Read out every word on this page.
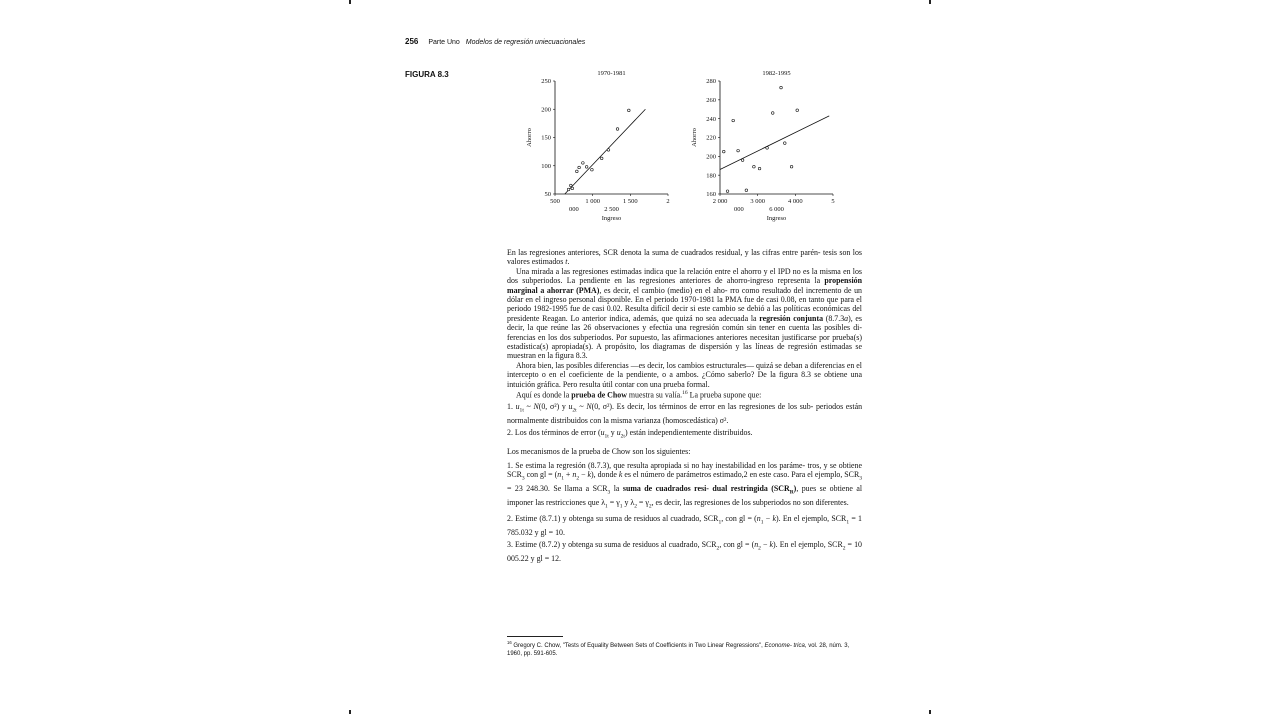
256 Parte Uno Modelos de regresión uniecuacionales
FIGURA 8.3	1970-1981
50
100
150
200
250
500	1 000	1 500	2
000	2 500
Ingreso
Ahorro
1982-1995
160
180
200
220
240
260
280
2 000	3 000	4 000	5
000	6 000
Ingreso
Ahorro

En las regresiones anteriores, SCR denota la suma de cuadrados residual, y las cifras entre parén- tesis son los valores estimados t.

Una mirada a las regresiones estimadas indica que la relación entre el ahorro y el IPD no es la misma en los dos subperiodos. La pendiente en las regresiones anteriores de ahorro-ingreso representa la propensión marginal a ahorrar (PMA), es decir, el cambio (medio) en el aho- rro como resultado del incremento de un dólar en el ingreso personal disponible. En el periodo 1970-1981 la PMA fue de casi 0.08, en tanto que para el periodo 1982-1995 fue de casi 0.02. Resulta difícil decir si este cambio se debió a las políticas económicas del presidente Reagan. Lo anterior indica, además, que quizá no sea adecuada la regresión conjunta (8.7.3a), es decir, la que reúne las 26 observaciones y efectúa una regresión común sin tener en cuenta las posibles di- ferencias en los dos subperiodos. Por supuesto, las afirmaciones anteriores necesitan justificarse por prueba(s) estadística(s) apropiada(s). A propósito, los diagramas de dispersión y las líneas de regresión estimadas se muestran en la figura 8.3.

Ahora bien, las posibles diferencias —es decir, los cambios estructurales— quizá se deban a diferencias en el intercepto o en el coeficiente de la pendiente, o a ambos. ¿Cómo saberlo? De la figura 8.3 se obtiene una intuición gráfica. Pero resulta útil contar con una prueba formal.

Aquí es donde la prueba de Chow muestra su valía.$^{16}$ La prueba supone que:

1. $u_{1t}$ ~ N(0, σ²) y $u_{2t}$ ~ N(0, σ²). Es decir, los términos de error en las regresiones de los sub- periodos están normalmente distribuidos con la misma varianza (homoscedástica) σ².

2. Los dos términos de error ($u_{1t}$ y $u_{2t}$) están independientemente distribuidos.

Los mecanismos de la prueba de Chow son los siguientes:

1. Se estima la regresión (8.7.3), que resulta apropiada si no hay inestabilidad en los paráme- tros, y se obtiene $SCR_3$ con gl = $(n_1 + n_2 - k)$, donde k es el número de parámetros estimado,2 en este caso. Para el ejemplo, $SCR_3 = 23$ 248.30. Se llama a $SCR_3$ la suma de cuadrados resi- dual restringida $(SCR_R)$, pues se obtiene al imponer las restricciones que $\lambda_1 = \gamma_1$ y $\lambda_2 = \gamma_2$, es decir, las regresiones de los subperiodos no son diferentes.

2. Estime (8.7.1) y obtenga su suma de residuos al cuadrado, $SCR_1$, con gl = $(n_1 - k)$. En el ejemplo, $SCR_1 = 1$ 785.032 y gl = 10.

3. Estime (8.7.2) y obtenga su suma de residuos al cuadrado, $SCR_2$, con gl = $(n_2 - k)$. En el ejemplo, $SCR_2 = 10$ 005.22 y gl = 12.

$^{16}$ Gregory C. Chow, "Tests of Equality Between Sets of Coefficients in Two Linear Regressions", Econome- trica, vol. 28, núm. 3, 1960, pp. 591-605.
